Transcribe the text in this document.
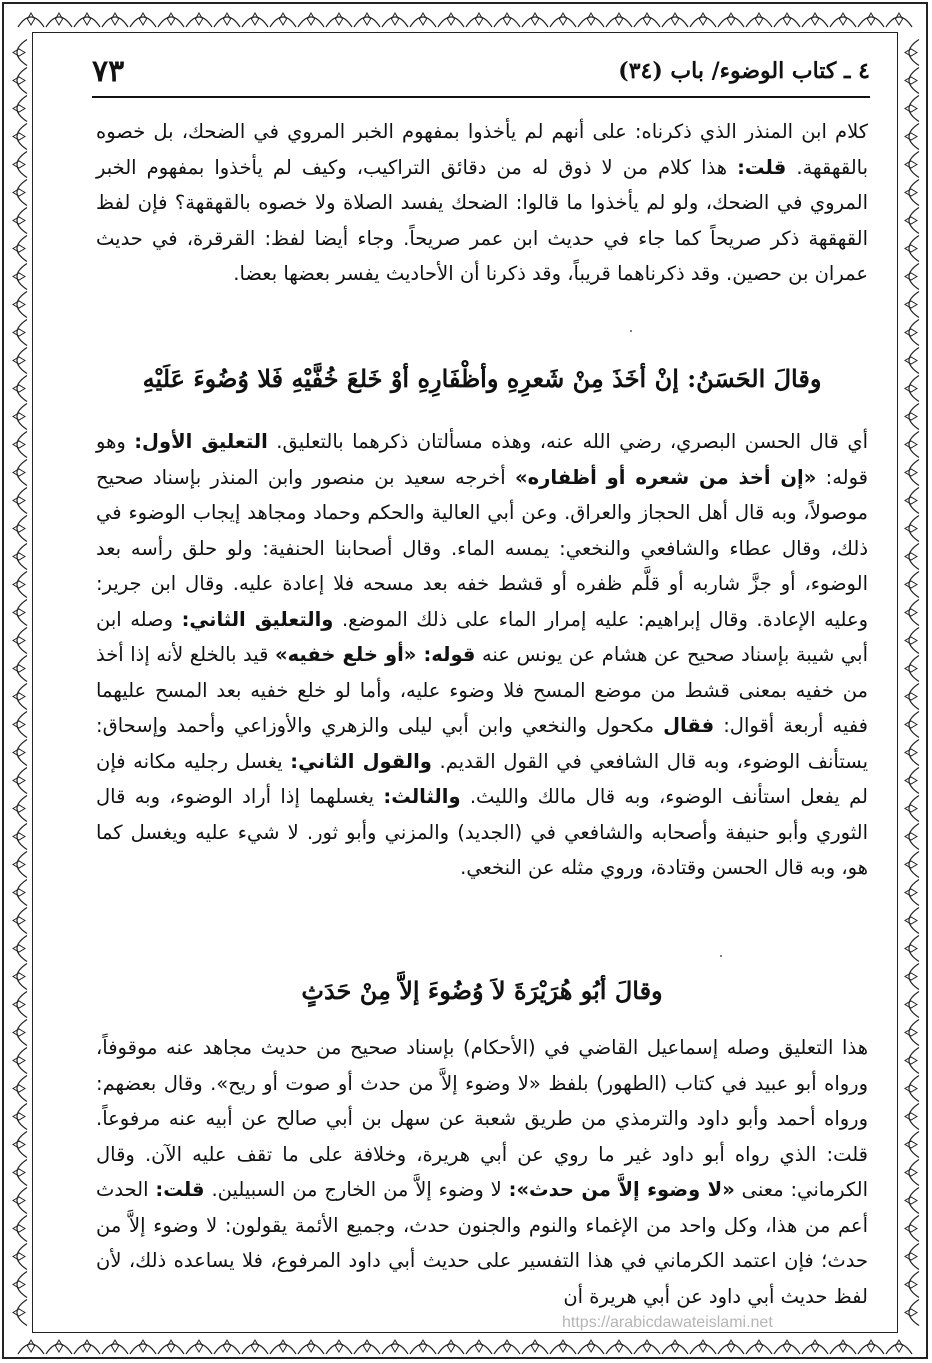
٤ ـ كتاب الوضوء/ باب (٣٤)
٧٣
كلام ابن المنذر الذي ذكرناه: على أنهم لم يأخذوا بمفهوم الخبر المروي في الضحك، بل خصوه بالقهقهة. قلت: هذا كلام من لا ذوق له من دقائق التراكيب، وكيف لم يأخذوا بمفهوم الخبر المروي في الضحك، ولو لم يأخذوا ما قالوا: الضحك يفسد الصلاة ولا خصوه بالقهقهة؟ فإن لفظ القهقهة ذكر صريحاً كما جاء في حديث ابن عمر صريحاً. وجاء أيضا لفظ: القرقرة، في حديث عمران بن حصين. وقد ذكرناهما قريباً، وقد ذكرنا أن الأحاديث يفسر بعضها بعضا.
وقالَ الحَسَنُ: إنْ أخَذَ مِنْ شَعرِهِ وأظْفَارِهِ أوْ خَلعَ خُفَّيْهِ فَلا وُضُوءَ عَلَيْهِ
أي قال الحسن البصري، رضي الله عنه، وهذه مسألتان ذكرهما بالتعليق. التعليق الأول: وهو قوله: «إن أخذ من شعره أو أظفاره» أخرجه سعيد بن منصور وابن المنذر بإسناد صحيح موصولاً، وبه قال أهل الحجاز والعراق. وعن أبي العالية والحكم وحماد ومجاهد إيجاب الوضوء في ذلك، وقال عطاء والشافعي والنخعي: يمسه الماء. وقال أصحابنا الحنفية: ولو حلق رأسه بعد الوضوء، أو جزَّ شاربه أو قلَّم ظفره أو قشط خفه بعد مسحه فلا إعادة عليه. وقال ابن جرير: وعليه الإعادة. وقال إبراهيم: عليه إمرار الماء على ذلك الموضع. والتعليق الثاني: وصله ابن أبي شيبة بإسناد صحيح عن هشام عن يونس عنه قوله: «أو خلع خفيه» قيد بالخلع لأنه إذا أخذ من خفيه بمعنى قشط من موضع المسح فلا وضوء عليه، وأما لو خلع خفيه بعد المسح عليهما ففيه أربعة أقوال: فقال مكحول والنخعي وابن أبي ليلى والزهري والأوزاعي وأحمد وإسحاق: يستأنف الوضوء، وبه قال الشافعي في القول القديم. والقول الثاني: يغسل رجليه مكانه فإن لم يفعل استأنف الوضوء، وبه قال مالك والليث. والثالث: يغسلهما إذا أراد الوضوء، وبه قال الثوري وأبو حنيفة وأصحابه والشافعي في (الجديد) والمزني وأبو ثور. لا شيء عليه ويغسل كما هو، وبه قال الحسن وقتادة، وروي مثله عن النخعي.
وقالَ أبُو هُرَيْرَةَ لاَ وُضُوءَ إلاَّ مِنْ حَدَثٍ
هذا التعليق وصله إسماعيل القاضي في (الأحكام) بإسناد صحيح من حديث مجاهد عنه موقوفاً، ورواه أبو عبيد في كتاب (الطهور) بلفظ «لا وضوء إلاَّ من حدث أو صوت أو ريح». وقال بعضهم: ورواه أحمد وأبو داود والترمذي من طريق شعبة عن سهل بن أبي صالح عن أبيه عنه مرفوعاً. قلت: الذي رواه أبو داود غير ما روي عن أبي هريرة، وخلافة على ما تقف عليه الآن. وقال الكرماني: معنى «لا وضوء إلاَّ من حدث»: لا وضوء إلاَّ من الخارج من السبيلين. قلت: الحدث أعم من هذا، وكل واحد من الإغماء والنوم والجنون حدث، وجميع الأئمة يقولون: لا وضوء إلاَّ من حدث؛ فإن اعتمد الكرماني في هذا التفسير على حديث أبي داود المرفوع، فلا يساعده ذلك، لأن لفظ حديث أبي داود عن أبي هريرة أن
https://arabicdawateislami.net
